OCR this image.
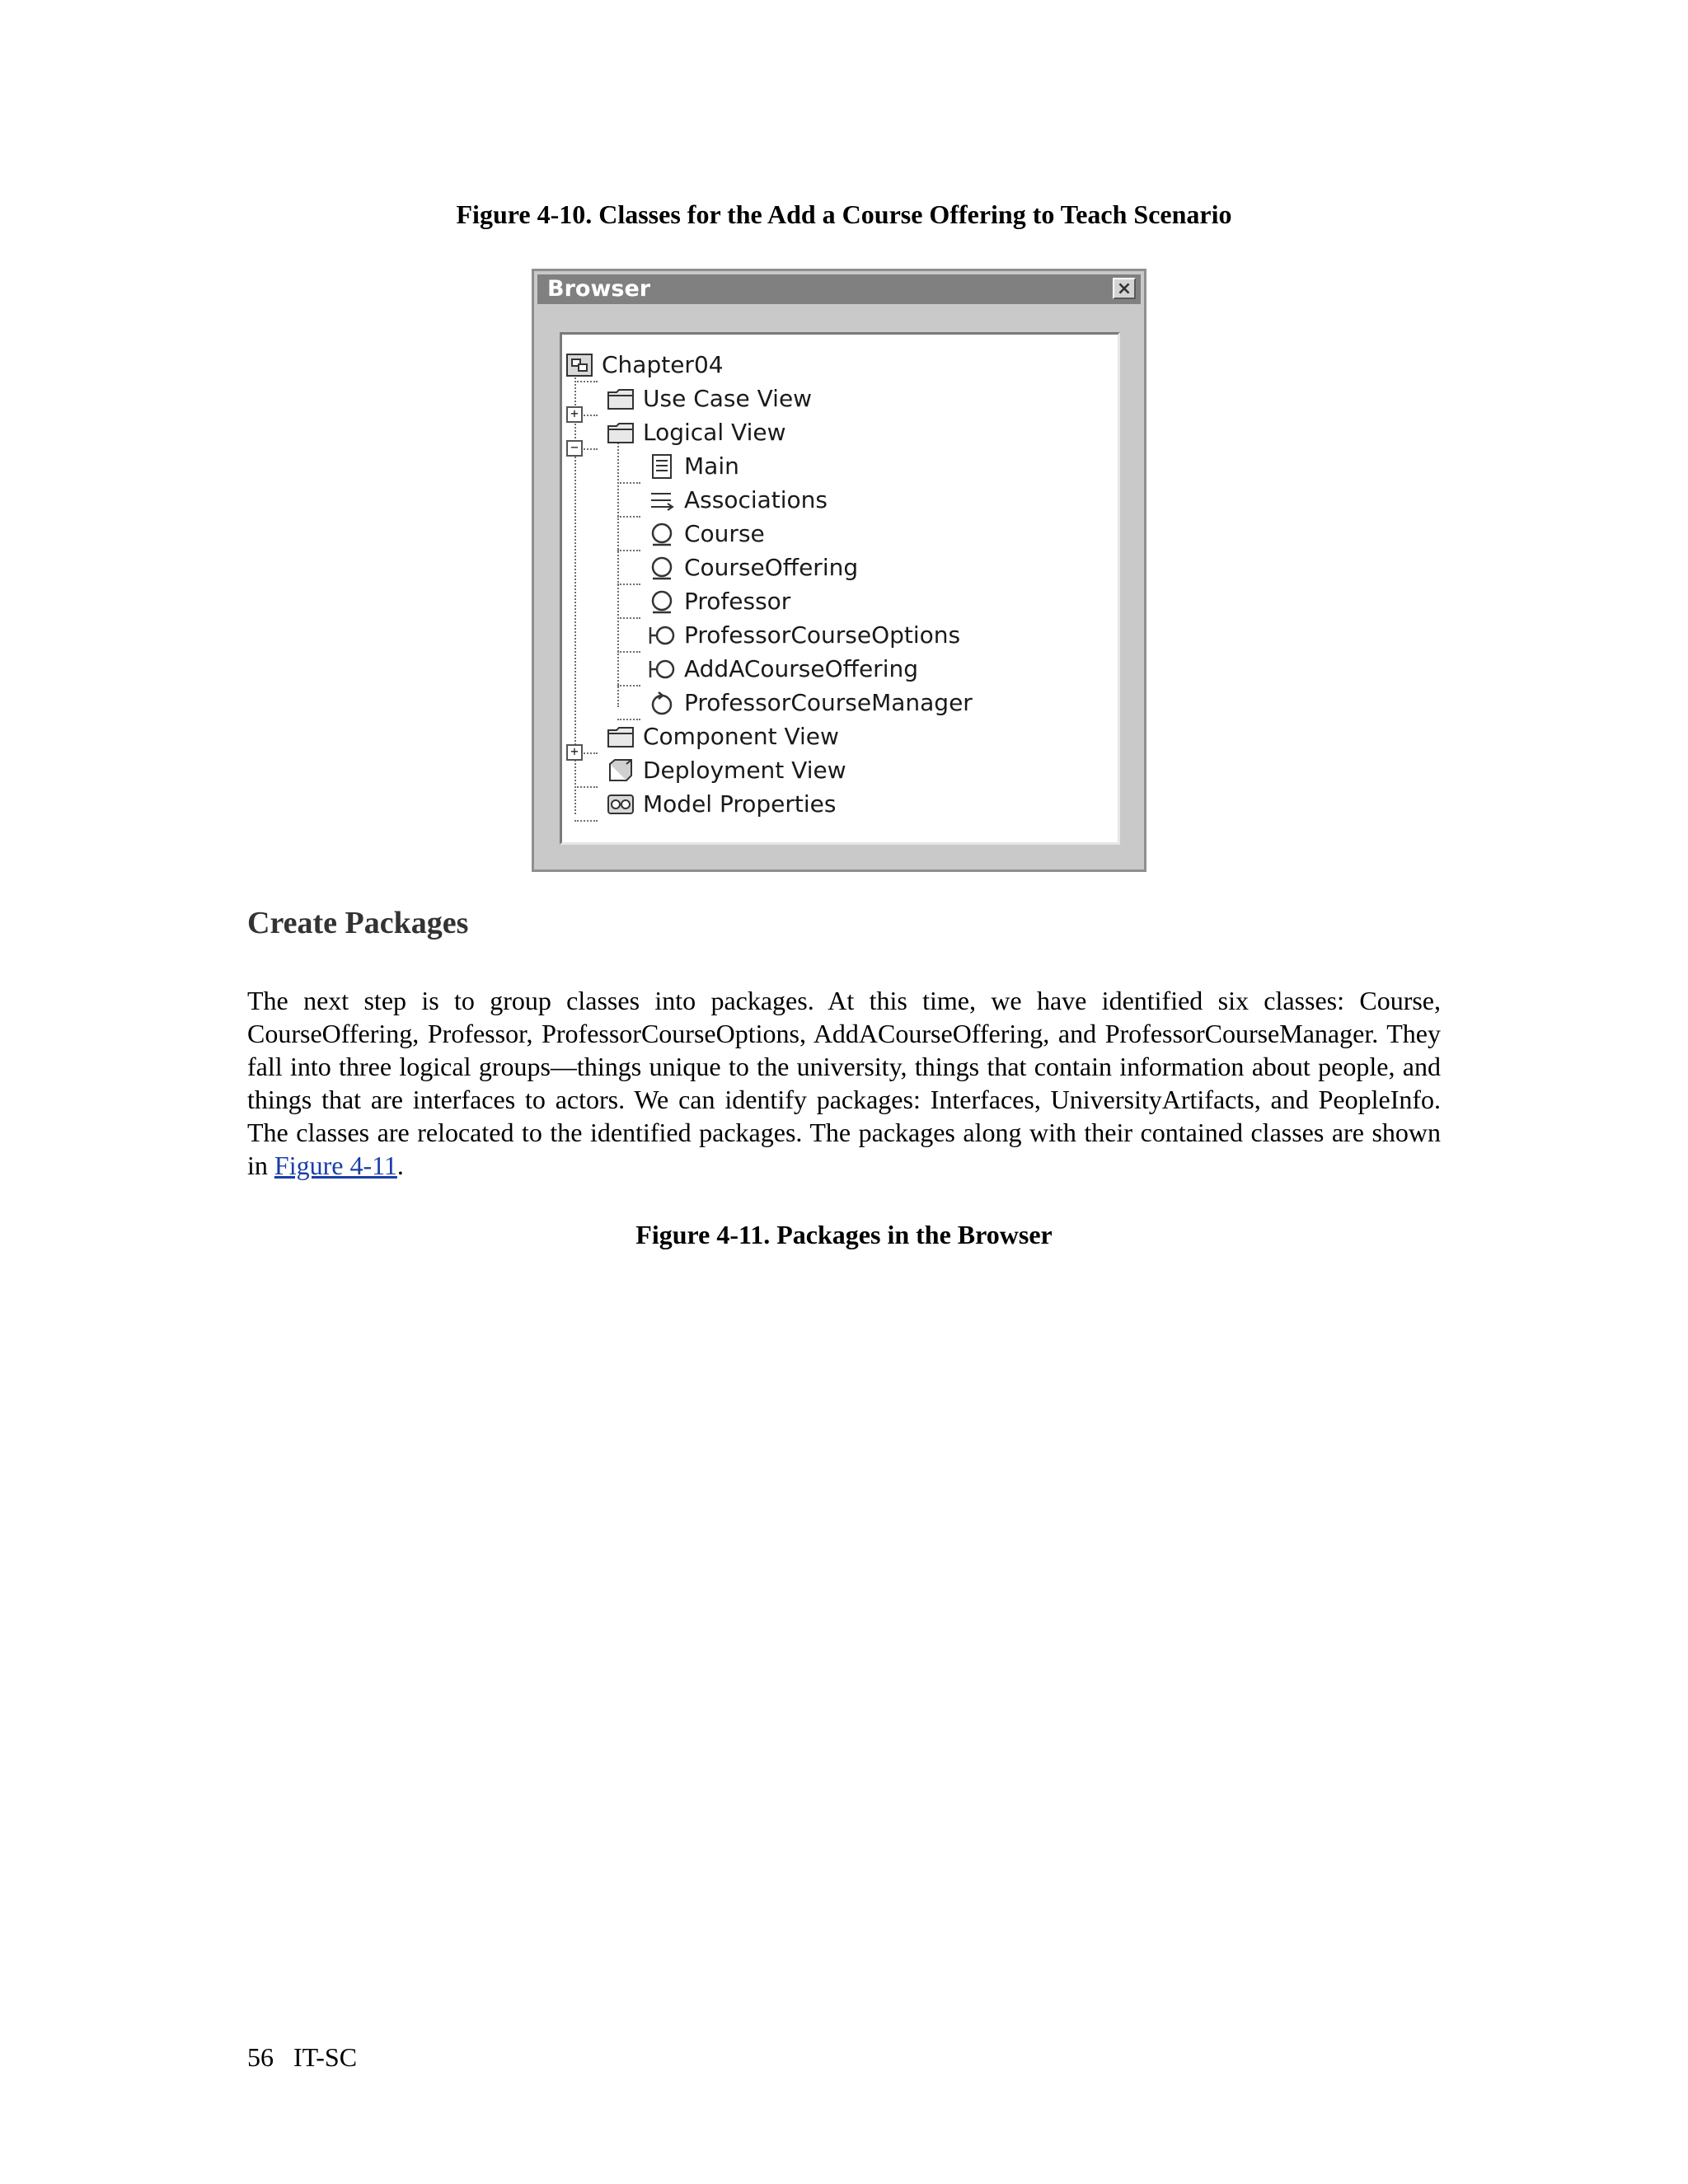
Figure 4-10. Classes for the Add a Course Offering to Teach Scenario
Browser	×
+
−
+
Chapter04
Use Case View
Logical View
Main
Associations
Course
CourseOffering
Professor
ProfessorCourseOptions
AddACourseOffering
ProfessorCourseManager
Component View
Deployment View
Model Properties
Create Packages
The next step is to group classes into packages. At this time, we have identified six classes: Course, CourseOffering, Professor, ProfessorCourseOptions, AddACourseOffering, and ProfessorCourseManager. They fall into three logical groups—things unique to the university, things that contain information about people, and things that are interfaces to actors. We can identify packages: Interfaces, UniversityArtifacts, and PeopleInfo. The classes are relocated to the identified packages. The packages along with their contained classes are shown in Figure 4-11.
Figure 4-11. Packages in the Browser
56 IT-SC
